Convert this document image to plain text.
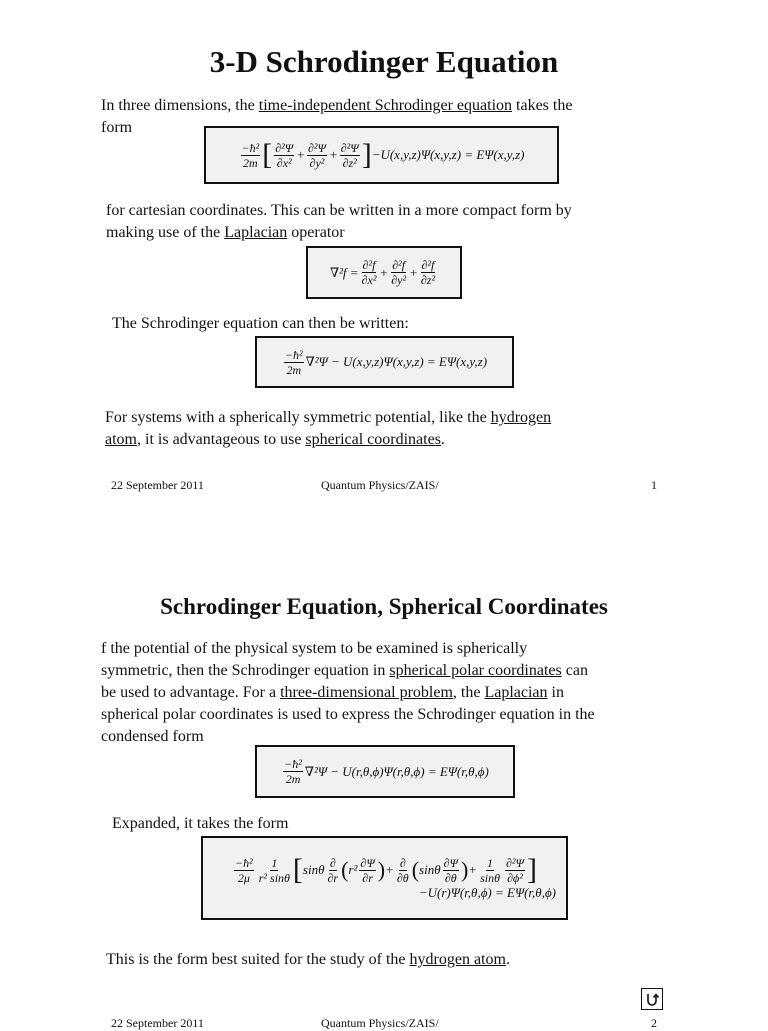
3-D Schrodinger Equation
In three dimensions, the time-independent Schrodinger equation takes the
form
$\frac{\text{−ħ²}}{2m}$ [ $\frac{\text{∂²Ψ}}{\text{∂x²}} + \frac{\text{∂²Ψ}}{\text{∂y²}} + \frac{\text{∂²Ψ}}{\text{∂z²}}$ ] −U(x,y,z)Ψ(x,y,z) = EΨ(x,y,z)
for cartesian coordinates. This can be written in a more compact form by
making use of the Laplacian operator
$\nabla^2f = \frac{\text{∂²f}}{\text{∂x²}} + \frac{\text{∂²f}}{\text{∂y²}} + \frac{\text{∂²f}}{\text{∂z²}}$
The Schrodinger equation can then be written:
$\frac{\text{−ħ²}}{2m} \nabla^2\Psi - U(x,y,z)\Psi(x,y,z) = E\Psi(x,y,z)$
For systems with a spherically symmetric potential, like the hydrogen
atom, it is advantageous to use spherical coordinates.
22 September 2011	Quantum Physics/ZAIS/	1
Schrodinger Equation, Spherical Coordinates
f the potential of the physical system to be examined is spherically
symmetric, then the Schrodinger equation in spherical polar coordinates can
be used to advantage. For a three-dimensional problem, the Laplacian in
spherical polar coordinates is used to express the Schrodinger equation in the
condensed form
$\frac{\text{−ħ²}}{2m} \nabla^2\Psi - U(r,\theta,\phi)\Psi(r,\theta,\phi) = E\Psi(r,\theta,\phi)$
Expanded, it takes the form
$\frac{\text{−ħ²}}{2\mu} \frac{1}{\text{r² sinθ}}$ [ sinθ $\frac{\partial}{\partial r}$ ( $r^2 \frac{\partial\Psi}{\partial r}$ ) + $\frac{\partial}{\partial\theta}$ ( sinθ $\frac{\partial\Psi}{\partial\theta}$ ) + $\frac{1}{\sin\theta} \frac{\text{∂²Ψ}}{\text{∂ϕ²}}$ ]
−U(r)Ψ(r,θ,ϕ) = EΨ(r,θ,ϕ)
This is the form best suited for the study of the hydrogen atom.
22 September 2011	Quantum Physics/ZAIS/	2
